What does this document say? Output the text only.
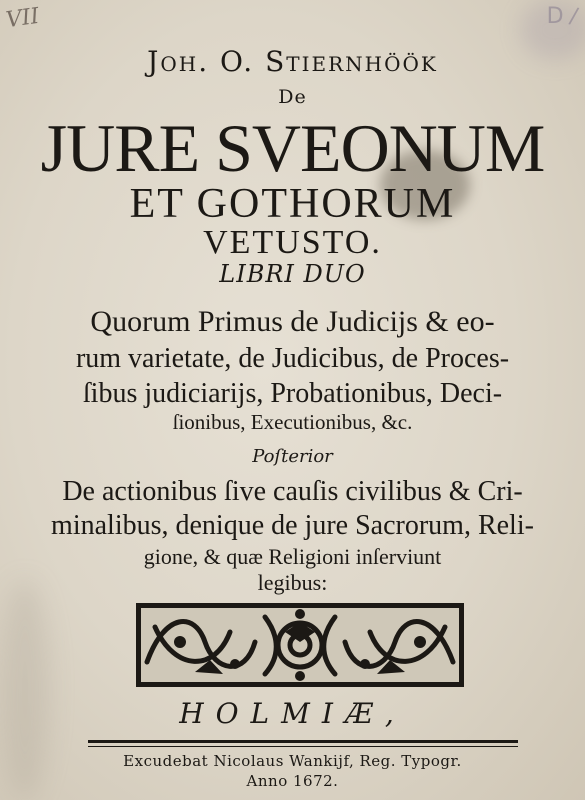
VII	D /
Joh. O. Stiernhöök
De
JURE SVEONUM
ET GOTHORUM
VETUSTO.
LIBRI DUO
Quorum Primus de Judicijs & eo-
rum varietate, de Judicibus, de Proces-
ſibus judiciarijs, Probationibus, Deci-
ſionibus, Executionibus, &c.
Poſterior
De actionibus ſive cauſis civilibus & Cri-
minalibus, denique de jure Sacrorum, Reli-
gione, & quæ Religioni inſerviunt
legibus:
HOLMIÆ,
Excudebat Nicolaus Wankijf, Reg. Typogr.
Anno 1672.
